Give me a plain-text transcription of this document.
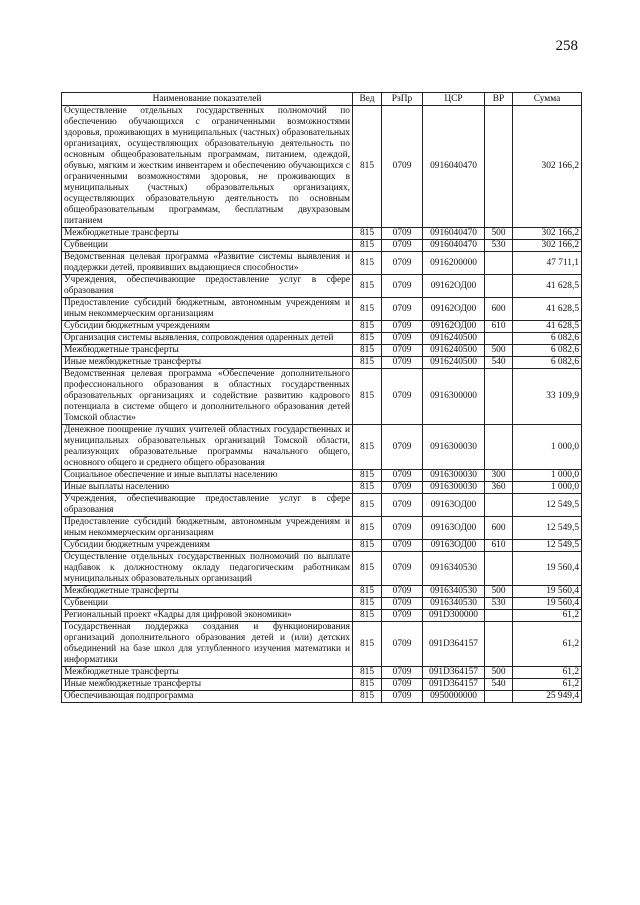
258
Наименование показателей	Вед	РзПр	ЦСР	ВР	Сумма
Осуществление отдельных государственных полномочий по обеспечению обучающихся с ограниченными возможностями здоровья, проживающих в муниципальных (частных) образовательных организациях, осуществляющих образовательную деятельность по основным общеобразовательным программам, питанием, одеждой, обувью, мягким и жестким инвентарем и обеспечению обучающихся с ограниченными возможностями здоровья, не проживающих в муниципальных (частных) образовательных организациях, осуществляющих образовательную деятельность по основным общеобразовательным программам, бесплатным двухразовым питанием	815	0709	0916040470		302 166,2
Межбюджетные трансферты	815	0709	0916040470	500	302 166,2
Субвенции	815	0709	0916040470	530	302 166,2
Ведомственная целевая программа «Развитие системы выявления и поддержки детей, проявивших выдающиеся способности»	815	0709	0916200000		47 711,1
Учреждения, обеспечивающие предоставление услуг в сфере образования	815	0709	09162ОД00		41 628,5
Предоставление субсидий бюджетным, автономным учреждениям и иным некоммерческим организациям	815	0709	09162ОД00	600	41 628,5
Субсидии бюджетным учреждениям	815	0709	09162ОД00	610	41 628,5
Организация системы выявления, сопровождения одаренных детей	815	0709	0916240500		6 082,6
Межбюджетные трансферты	815	0709	0916240500	500	6 082,6
Иные межбюджетные трансферты	815	0709	0916240500	540	6 082,6
Ведомственная целевая программа «Обеспечение дополнительного профессионального образования в областных государственных образовательных организациях и содействие развитию кадрового потенциала в системе общего и дополнительного образования детей Томской области»	815	0709	0916300000		33 109,9
Денежное поощрение лучших учителей областных государственных и муниципальных образовательных организаций Томской области, реализующих образовательные программы начального общего, основного общего и среднего общего образования	815	0709	0916300030		1 000,0
Социальное обеспечение и иные выплаты населению	815	0709	0916300030	300	1 000,0
Иные выплаты населению	815	0709	0916300030	360	1 000,0
Учреждения, обеспечивающие предоставление услуг в сфере образования	815	0709	09163ОД00		12 549,5
Предоставление субсидий бюджетным, автономным учреждениям и иным некоммерческим организациям	815	0709	09163ОД00	600	12 549,5
Субсидии бюджетным учреждениям	815	0709	09163ОД00	610	12 549,5
Осуществление отдельных государственных полномочий по выплате надбавок к должностному окладу педагогическим работникам муниципальных образовательных организаций	815	0709	0916340530		19 560,4
Межбюджетные трансферты	815	0709	0916340530	500	19 560,4
Субвенции	815	0709	0916340530	530	19 560,4
Региональный проект «Кадры для цифровой экономики»	815	0709	091D300000		61,2
Государственная поддержка создания и функционирования организаций дополнительного образования детей и (или) детских объединений на базе школ для углубленного изучения математики и информатики	815	0709	091D364157		61,2
Межбюджетные трансферты	815	0709	091D364157	500	61,2
Иные межбюджетные трансферты	815	0709	091D364157	540	61,2
Обеспечивающая подпрограмма	815	0709	0950000000		25 949,4
